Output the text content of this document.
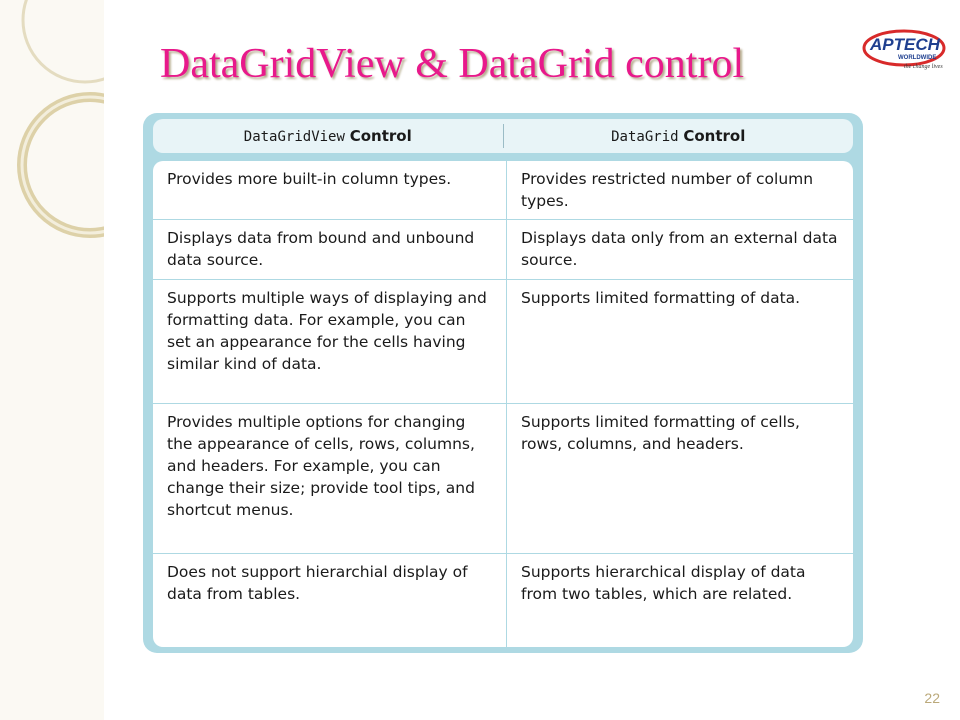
DataGridView & DataGrid control	APTECH
WORLDWIDE
the change lives
DataGridView Control	DataGrid Control
Provides more built-in column types.	Provides restricted number of column types.
Displays data from bound and unbound data source.	Displays data only from an external data source.
Supports multiple ways of displaying and formatting data. For example, you can set an appearance for the cells having similar kind of data.	Supports limited formatting of data.
Provides multiple options for changing the appearance of cells, rows, columns, and headers. For example, you can change their size; provide tool tips, and shortcut menus.	Supports limited formatting of cells, rows, columns, and headers.
Does not support hierarchial display of data from tables.	Supports hierarchical display of data from two tables, which are related.
22
